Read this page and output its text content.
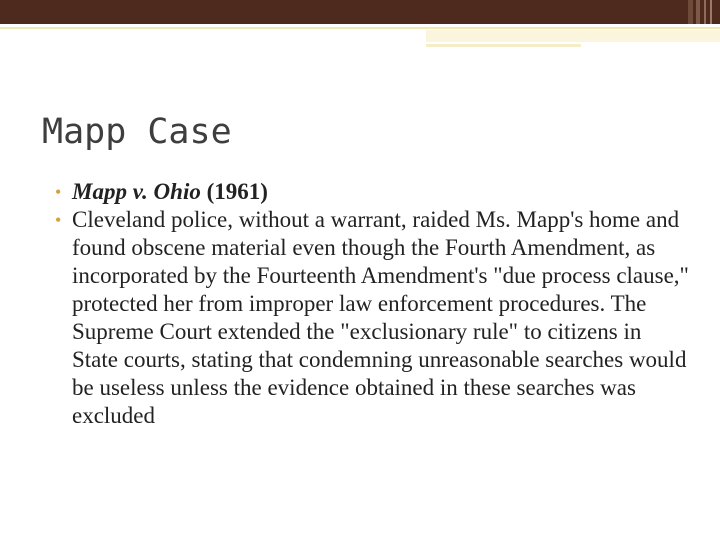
Mapp Case
• Mapp v. Ohio (1961)
• Cleveland police, without a warrant, raided Ms. Mapp's home and found obscene material even though the Fourth Amendment, as incorporated by the Fourteenth Amendment's "due process clause," protected her from improper law enforcement procedures. The Supreme Court extended the "exclusionary rule" to citizens in State courts, stating that condemning unreasonable searches would be useless unless the evidence obtained in these searches was excluded
